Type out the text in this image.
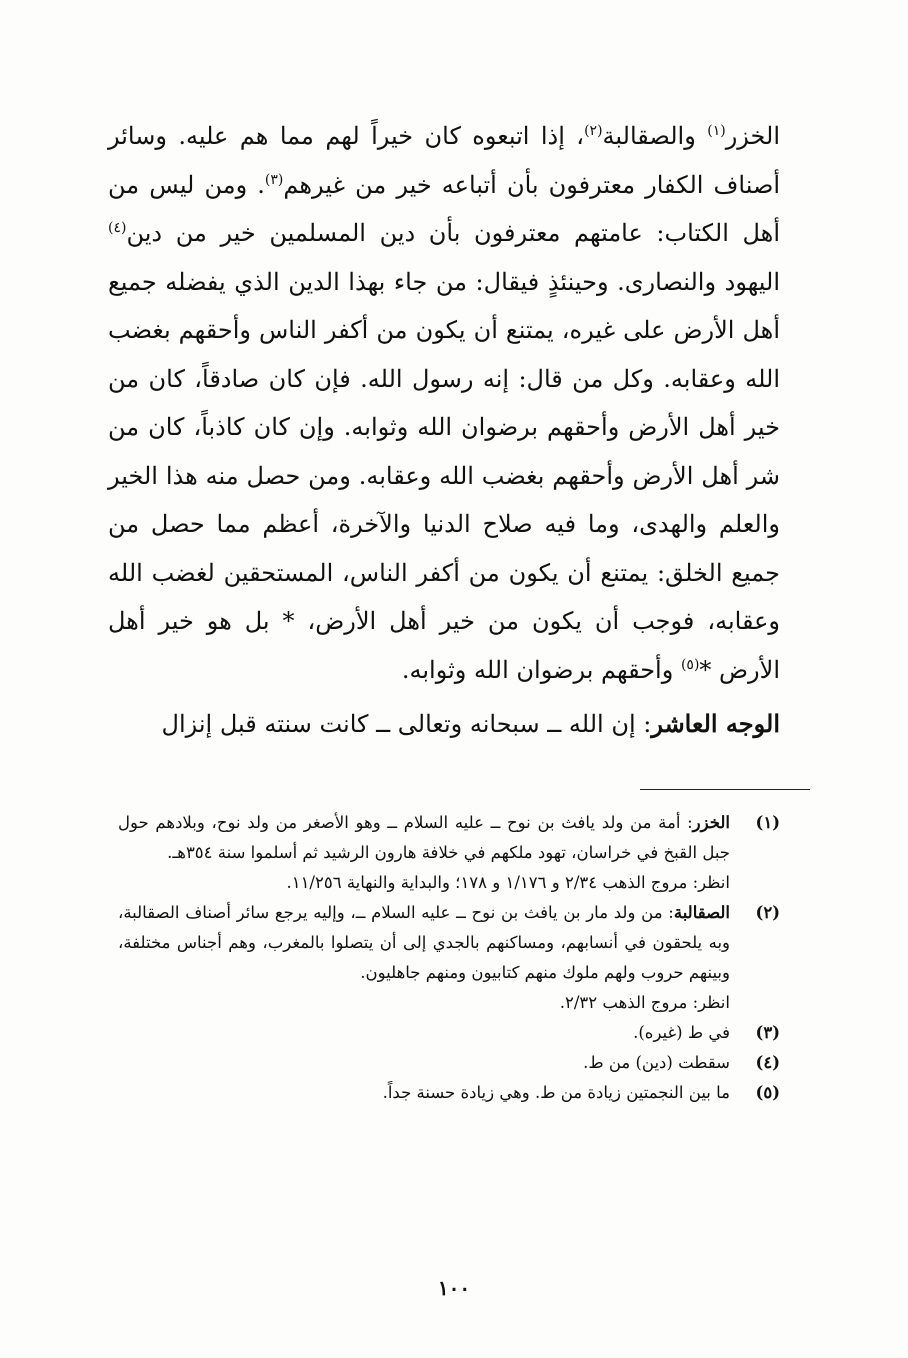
الخزر$^{(١)}$ والصقالبة$^{(٢)}$، إذا اتبعوه كان خيراً لهم مما هم عليه. وسائر أصناف الكفار معترفون بأن أتباعه خير من غيرهم$^{(٣)}$. ومن ليس من أهل الكتاب: عامتهم معترفون بأن دين المسلمين خير من دين$^{(٤)}$ اليهود والنصارى. وحينئذٍ فيقال: من جاء بهذا الدين الذي يفضله جميع أهل الأرض على غيره، يمتنع أن يكون من أكفر الناس وأحقهم بغضب الله وعقابه. وكل من قال: إنه رسول الله. فإن كان صادقاً، كان من خير أهل الأرض وأحقهم برضوان الله وثوابه. وإن كان كاذباً، كان من شر أهل الأرض وأحقهم بغضب الله وعقابه. ومن حصل منه هذا الخير والعلم والهدى، وما فيه صلاح الدنيا والآخرة، أعظم مما حصل من جميع الخلق: يمتنع أن يكون من أكفر الناس، المستحقين لغضب الله وعقابه، فوجب أن يكون من خير أهل الأرض، * بل هو خير أهل الأرض *$^{(٥)}$ وأحقهم برضوان الله وثوابه.

الوجه العاشر: إن الله ــ سبحانه وتعالى ــ كانت سنته قبل إنزال

(١)

الخزر: أمة من ولد يافث بن نوح ــ عليه السلام ــ وهو الأصغر من ولد نوح، وبلادهم حول جبل القبخ في خراسان، تهود ملكهم في خلافة هارون الرشيد ثم أسلموا سنة ٣٥٤هـ.

انظر: مروج الذهب ٢/٣٤ و ١/١٧٦ و ١٧٨؛ والبداية والنهاية ١١/٢٥٦.

(٢)

الصقالبة: من ولد مار بن يافث بن نوح ــ عليه السلام ــ، وإليه يرجع سائر أصناف الصقالبة، وبه يلحقون في أنسابهم، ومساكنهم بالجدي إلى أن يتصلوا بالمغرب، وهم أجناس مختلفة، وبينهم حروب ولهم ملوك منهم كتابيون ومنهم جاهليون.

انظر: مروج الذهب ٢/٣٢.

(٣)

في ط (غيره).

(٤)

سقطت (دين) من ط.

(٥)

ما بين النجمتين زيادة من ط. وهي زيادة حسنة جداً.

١٠٠
